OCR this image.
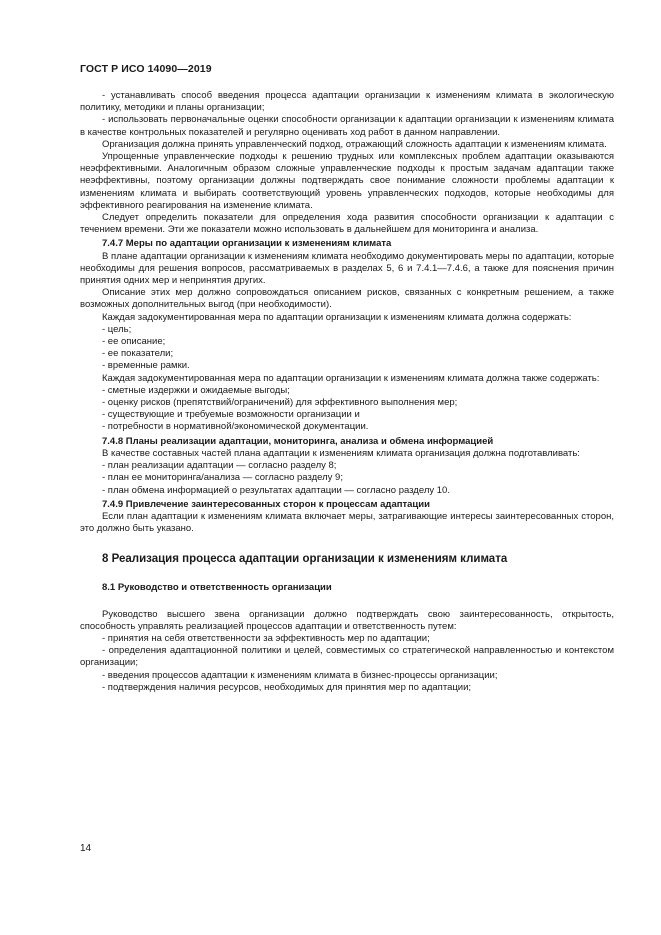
ГОСТ Р ИСО 14090—2019

- устанавливать способ введения процесса адаптации организации к изменениям климата в экологическую политику, методики и планы организации;

- использовать первоначальные оценки способности организации к адаптации организации к изменениям климата в качестве контрольных показателей и регулярно оценивать ход работ в данном направлении.

Организация должна принять управленческий подход, отражающий сложность адаптации к изменениям климата.

Упрощенные управленческие подходы к решению трудных или комплексных проблем адаптации оказываются неэффективными. Аналогичным образом сложные управленческие подходы к простым задачам адаптации также неэффективны, поэтому организации должны подтверждать свое понимание сложности проблемы адаптации к изменениям климата и выбирать соответствующий уровень управленческих подходов, которые необходимы для эффективного реагирования на изменение климата.

Следует определить показатели для определения хода развития способности организации к адаптации с течением времени. Эти же показатели можно использовать в дальнейшем для мониторинга и анализа.

7.4.7 Меры по адаптации организации к изменениям климата

В плане адаптации организации к изменениям климата необходимо документировать меры по адаптации, которые необходимы для решения вопросов, рассматриваемых в разделах 5, 6 и 7.4.1—7.4.6, а также для пояснения причин принятия одних мер и непринятия других.

Описание этих мер должно сопровождаться описанием рисков, связанных с конкретным решением, а также возможных дополнительных выгод (при необходимости).

Каждая задокументированная мера по адаптации организации к изменениям климата должна содержать:

- цель;

- ее описание;

- ее показатели;

- временные рамки.

Каждая задокументированная мера по адаптации организации к изменениям климата должна также содержать:

- сметные издержки и ожидаемые выгоды;

- оценку рисков (препятствий/ограничений) для эффективного выполнения мер;

- существующие и требуемые возможности организации и

- потребности в нормативной/экономической документации.

7.4.8 Планы реализации адаптации, мониторинга, анализа и обмена информацией

В качестве составных частей плана адаптации к изменениям климата организация должна подготавливать:

- план реализации адаптации — согласно разделу 8;

- план ее мониторинга/анализа — согласно разделу 9;

- план обмена информацией о результатах адаптации — согласно разделу 10.

7.4.9 Привлечение заинтересованных сторон к процессам адаптации

Если план адаптации к изменениям климата включает меры, затрагивающие интересы заинтересованных сторон, это должно быть указано.

8 Реализация процесса адаптации организации к изменениям климата

8.1 Руководство и ответственность организации

Руководство высшего звена организации должно подтверждать свою заинтересованность, открытость, способность управлять реализацией процессов адаптации и ответственность путем:

- принятия на себя ответственности за эффективность мер по адаптации;

- определения адаптационной политики и целей, совместимых со стратегической направленностью и контекстом организации;

- введения процессов адаптации к изменениям климата в бизнес-процессы организации;

- подтверждения наличия ресурсов, необходимых для принятия мер по адаптации;

14
